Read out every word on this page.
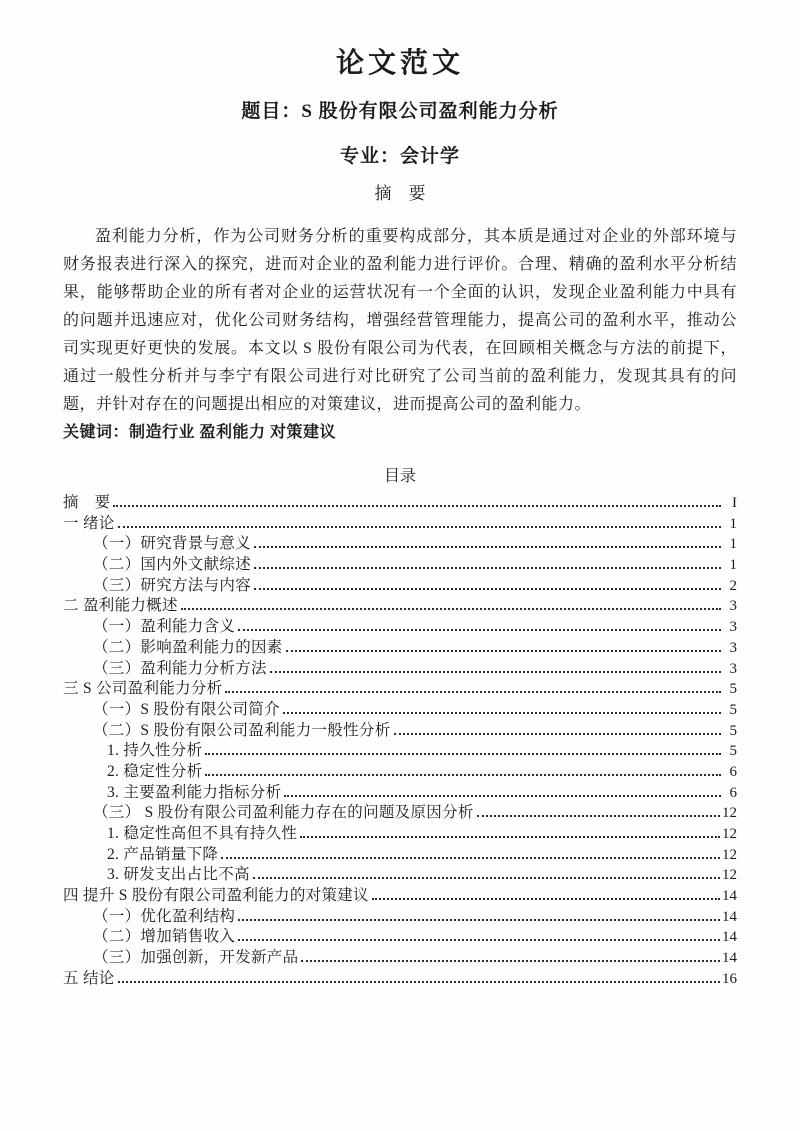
论文范文
题目：S 股份有限公司盈利能力分析
专业：会计学
摘　要

盈利能力分析，作为公司财务分析的重要构成部分，其本质是通过对企业的外部环境与财务报表进行深入的探究，进而对企业的盈利能力进行评价。合理、精确的盈利水平分析结果，能够帮助企业的所有者对企业的运营状况有一个全面的认识，发现企业盈利能力中具有的问题并迅速应对，优化公司财务结构，增强经营管理能力，提高公司的盈利水平，推动公司实现更好更快的发展。本文以 S 股份有限公司为代表，在回顾相关概念与方法的前提下，通过一般性分析并与李宁有限公司进行对比研究了公司当前的盈利能力，发现其具有的问题，并针对存在的问题提出相应的对策建议，进而提高公司的盈利能力。

关键词：制造行业 盈利能力 对策建议

目录
摘　要	I
一 绪论	1
（一）研究背景与意义	1
（二）国内外文献综述	1
（三）研究方法与内容	2
二 盈利能力概述	3
（一）盈利能力含义	3
（二）影响盈利能力的因素	3
（三）盈利能力分析方法	3
三 S 公司盈利能力分析	5
（一）S 股份有限公司简介	5
（二）S 股份有限公司盈利能力一般性分析	5
1. 持久性分析	5
2. 稳定性分析	6
3. 主要盈利能力指标分析	6
（三） S 股份有限公司盈利能力存在的问题及原因分析	12
1. 稳定性高但不具有持久性	12
2. 产品销量下降	12
3. 研发支出占比不高	12
四 提升 S 股份有限公司盈利能力的对策建议	14
（一）优化盈利结构	14
（二）增加销售收入	14
（三）加强创新，开发新产品	14
五 结论	16
